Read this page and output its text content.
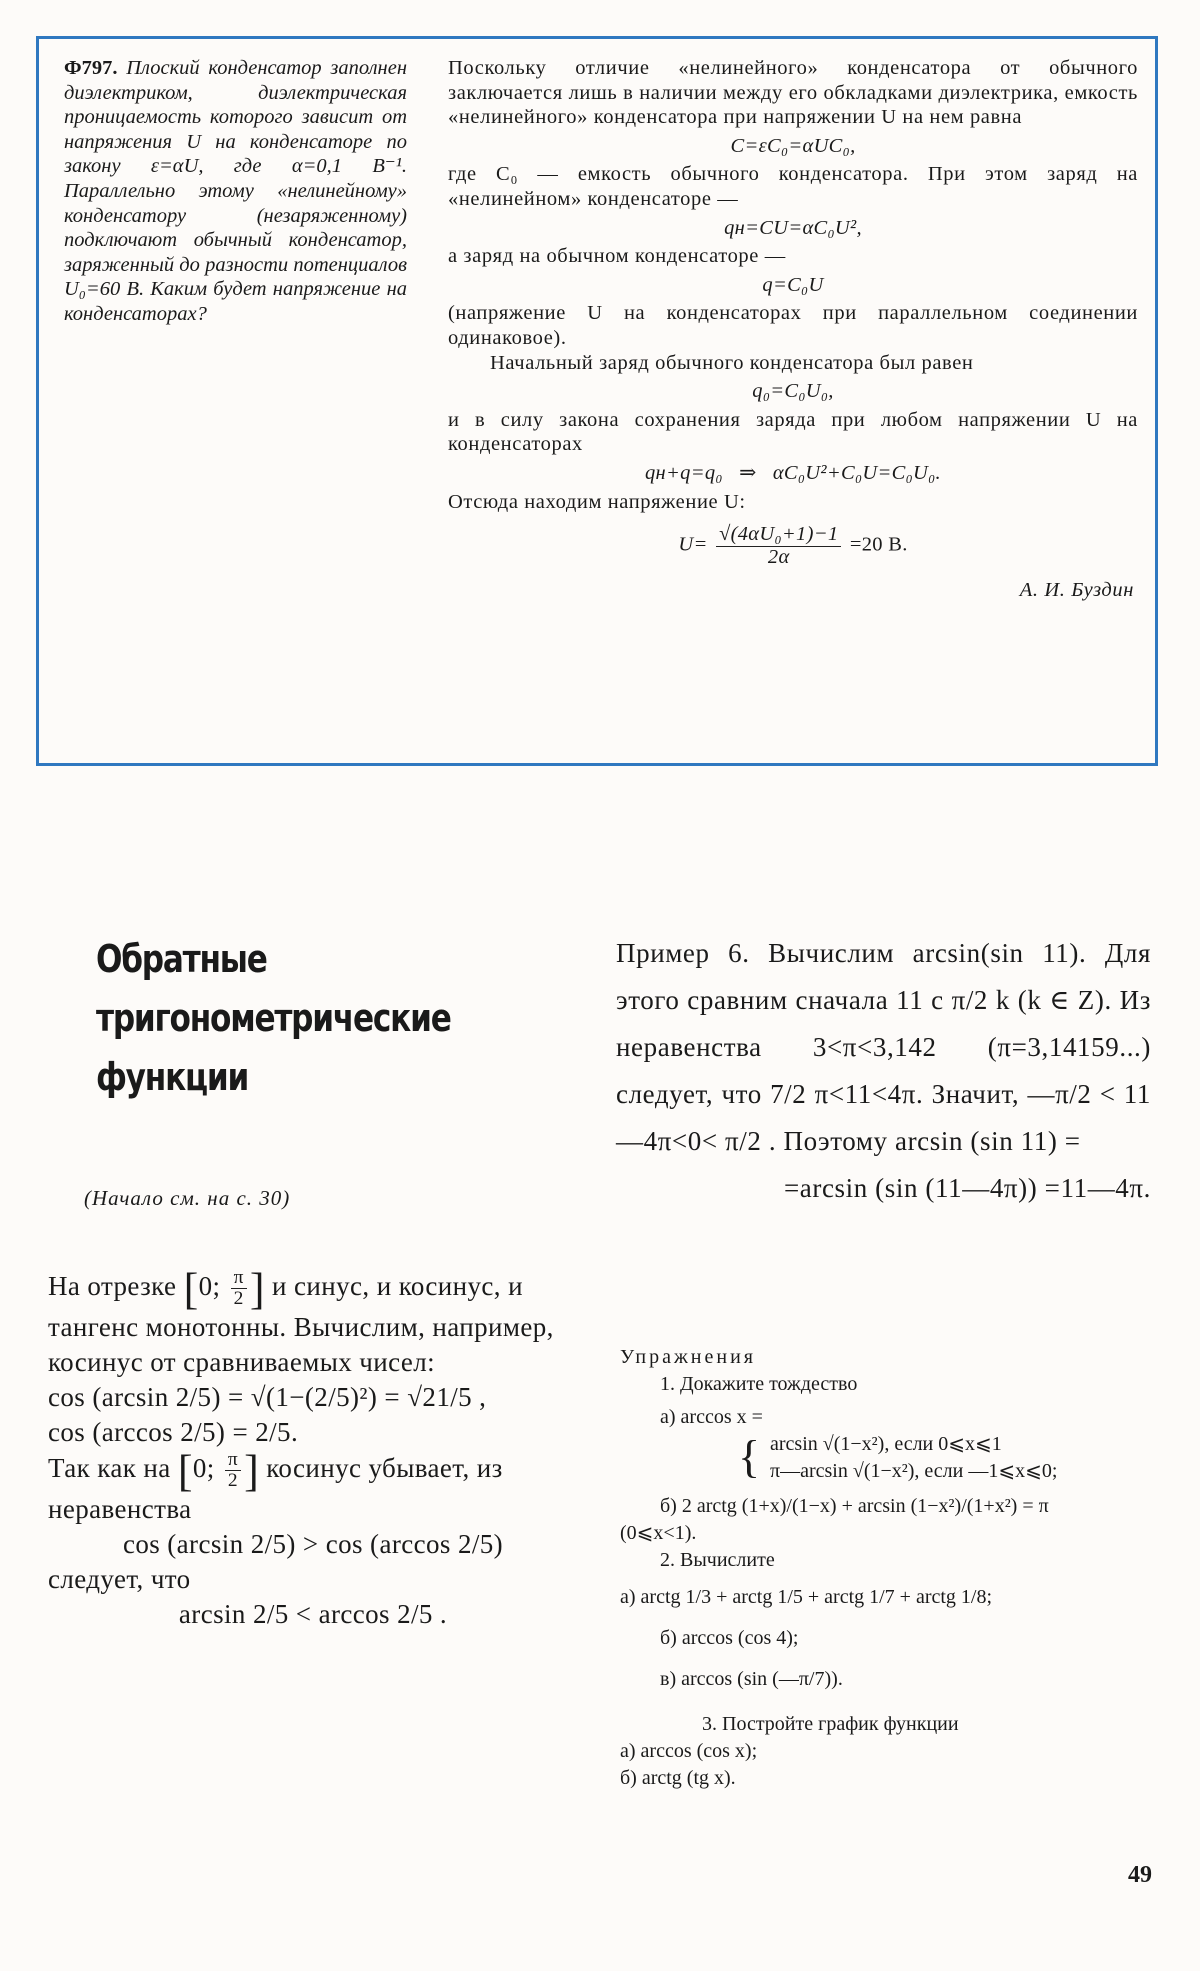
Ф797. Плоский конденсатор заполнен диэлектриком, диэлектрическая проницаемость которого зависит от напряжения U на конденсаторе по закону ε=αU, где α=0,1 В⁻¹. Параллельно этому «нелинейному» конденсатору (незаряженному) подключают обычный конденсатор, заряженный до разности потенциалов U₀=60 В. Каким будет напряжение на конденсаторах?

Поскольку отличие «нелинейного» конденсатора от обычного заключается лишь в наличии между его обкладками диэлектрика, емкость «нелинейного» конденсатора при напряжении U на нем равна

C=εC₀=αUC₀,

где C₀ — емкость обычного конденсатора. При этом заряд на «нелинейном» конденсаторе —

qн=CU=αC₀U²,

а заряд на обычном конденсаторе —

q=C₀U

(напряжение U на конденсаторах при параллельном соединении одинаковое).

Начальный заряд обычного конденсатора был равен

q₀=C₀U₀,

и в силу закона сохранения заряда при любом напряжении U на конденсаторах

qн+q=q₀   ⇒   αC₀U²+C₀U=C₀U₀.

Отсюда находим напряжение U:

$U= \frac{\text{√(4αU₀+1)−1}}{2\alpha} =20$ В.
А. И. Буздин
Обратные
тригонометрические
функции
(Начало см. на с. 30)

На отрезке [0; $\frac{\pi}{2}$ ] и синус, и косинус, и тангенс монотонны. Вычислим, например, косинус от сравниваемых чисел:

cos (arcsin 2/5) = √(1−(2/5)²) = √21/5 ,

cos (arccos 2/5) = 2/5.

Так как на [0; $\frac{\pi}{2}$ ] косинус убывает, из неравенства

cos (arcsin 2/5) > cos (arccos 2/5)

следует, что

arcsin 2/5 < arccos 2/5 .

Пример 6. Вычислим arcsin(sin 11). Для этого сравним сначала 11 с π/2 k (k ∈ Z). Из неравенства 3<π<3,142 (π=3,14159...) следует, что 7/2 π<11<4π. Значит, —π/2 < 11—4π<0< π/2 . Поэтому arcsin (sin 11) =

=arcsin (sin (11—4π)) =11—4π.

Упражнения

1. Докажите тождество

а) arccos x =

{ arcsin √(1−x²), если 0⩽x⩽1

π—arcsin √(1−x²), если —1⩽x⩽0;

б) 2 arctg (1+x)/(1−x) + arcsin (1−x²)/(1+x²) = π

(0⩽x<1).

2. Вычислите

а) arctg 1/3 + arctg 1/5 + arctg 1/7 + arctg 1/8;

б) arccos (cos 4);

в) arccos (sin (—π/7)).

3. Постройте график функции

а) arccos (cos x);

б) arctg (tg x).

49
